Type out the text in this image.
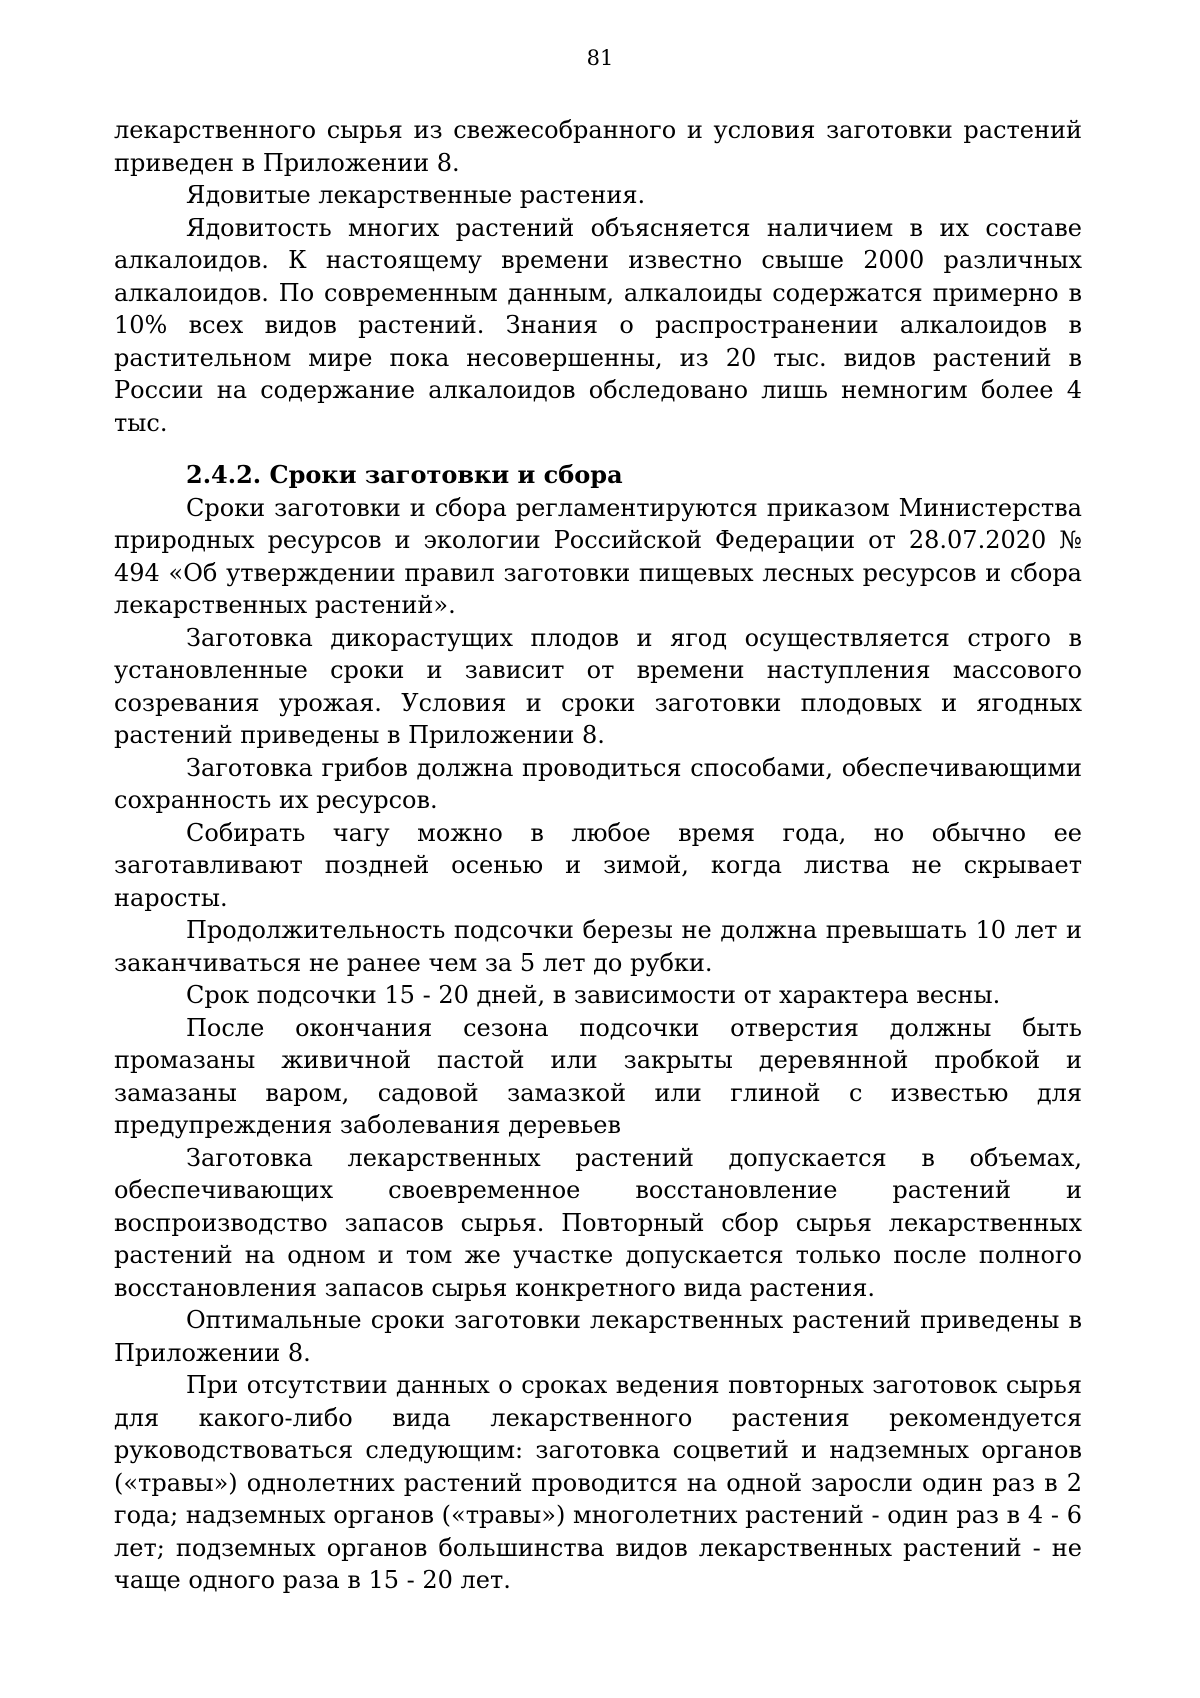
81

лекарственного сырья из свежесобранного и условия заготовки растений приведен в Приложении 8.

Ядовитые лекарственные растения.

Ядовитость многих растений объясняется наличием в их составе алкалоидов. К настоящему времени известно свыше 2000 различных алкалоидов. По современным данным, алкалоиды содержатся примерно в 10% всех видов растений. Знания о распространении алкалоидов в растительном мире пока несовершенны, из 20 тыс. видов растений в России на содержание алкалоидов обследовано лишь немногим более 4 тыс.

2.4.2. Сроки заготовки и сбора

Сроки заготовки и сбора регламентируются приказом Министерства природных ресурсов и экологии Российской Федерации от 28.07.2020 № 494 «Об утверждении правил заготовки пищевых лесных ресурсов и сбора лекарственных растений».

Заготовка дикорастущих плодов и ягод осуществляется строго в установленные сроки и зависит от времени наступления массового созревания урожая. Условия и сроки заготовки плодовых и ягодных растений приведены в Приложении 8.

Заготовка грибов должна проводиться способами, обеспечивающими сохранность их ресурсов.

Собирать чагу можно в любое время года, но обычно ее заготавливают поздней осенью и зимой, когда листва не скрывает наросты.

Продолжительность подсочки березы не должна превышать 10 лет и заканчиваться не ранее чем за 5 лет до рубки.

Срок подсочки 15 - 20 дней, в зависимости от характера весны.

После окончания сезона подсочки отверстия должны быть промазаны живичной пастой или закрыты деревянной пробкой и замазаны варом, садовой замазкой или глиной с известью для предупреждения заболевания деревьев

Заготовка лекарственных растений допускается в объемах, обеспечивающих своевременное восстановление растений и воспроизводство запасов сырья. Повторный сбор сырья лекарственных растений на одном и том же участке допускается только после полного восстановления запасов сырья конкретного вида растения.

Оптимальные сроки заготовки лекарственных растений приведены в Приложении 8.

При отсутствии данных о сроках ведения повторных заготовок сырья для какого-либо вида лекарственного растения рекомендуется руководствоваться следующим: заготовка соцветий и надземных органов («травы») однолетних растений проводится на одной заросли один раз в 2 года; надземных органов («травы») многолетних растений - один раз в 4 - 6 лет; подземных органов большинства видов лекарственных растений - не чаще одного раза в 15 - 20 лет.
